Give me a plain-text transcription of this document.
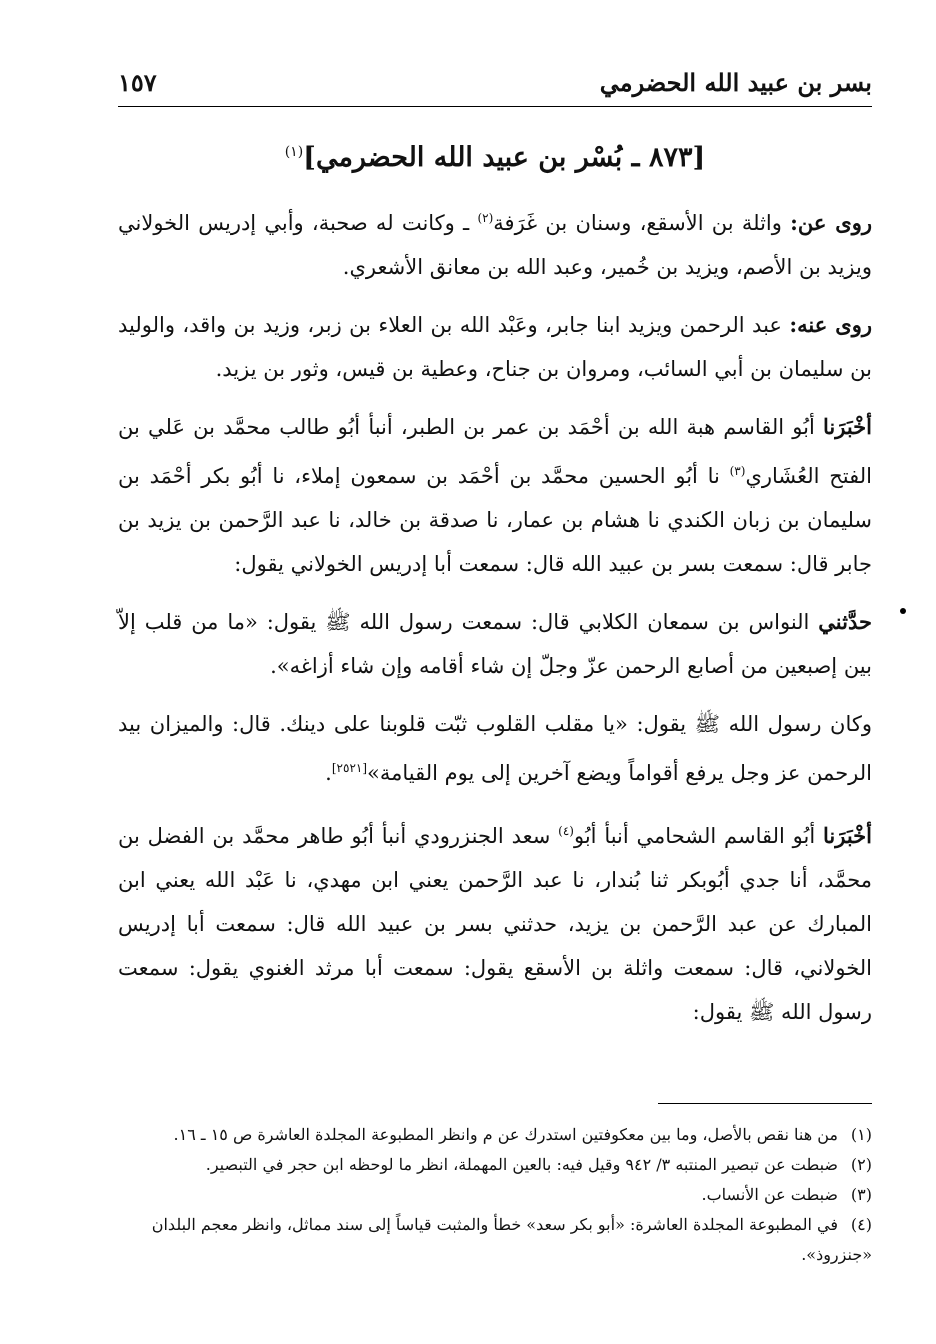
بسر بن عبيد الله الحضرمي
١٥٧
[٨٧٣ ـ بُسْر بن عبيد الله الحضرمي]$^{(١)}$

روى عن: واثلة بن الأسقع، وسنان بن غَرَفة$^{(٢)}$ ـ وكانت له صحبة، وأبي إدريس الخولاني ويزيد بن الأصم، ويزيد بن خُمير، وعبد الله بن معانق الأشعري.

روى عنه: عبد الرحمن ويزيد ابنا جابر، وعَبْد الله بن العلاء بن زبر، وزيد بن واقد، والوليد بن سليمان بن أبي السائب، ومروان بن جناح، وعطية بن قيس، وثور بن يزيد.

أخْبَرَنا أبُو القاسم هبة الله بن أحْمَد بن عمر بن الطبر، أنبأ أبُو طالب محمَّد بن عَلي بن الفتح العُشَاري$^{(٣)}$ نا أبُو الحسين محمَّد بن أحْمَد بن سمعون إملاء، نا أبُو بكر أحْمَد بن سليمان بن زبان الكندي نا هشام بن عمار، نا صدقة بن خالد، نا عبد الرَّحمن بن يزيد بن جابر قال: سمعت بسر بن عبيد الله قال: سمعت أبا إدريس الخولاني يقول:

حدَّثني النواس بن سمعان الكلابي قال: سمعت رسول الله ﷺ يقول: «ما من قلب إلاّ بين إصبعين من أصابع الرحمن عزّ وجلّ إن شاء أقامه وإن شاء أزاغه».

وكان رسول الله ﷺ يقول: «يا مقلب القلوب ثبّت قلوبنا على دينك. قال: والميزان بيد الرحمن عز وجل يرفع أقواماً ويضع آخرين إلى يوم القيامة»[٢٥٢١].

أخْبَرَنا أبُو القاسم الشحامي أنبأ أبُو$^{(٤)}$ سعد الجنزرودي أنبأ أبُو طاهر محمَّد بن الفضل بن محمَّد، أنا جدي أبُوبكر ثنا بُندار، نا عبد الرَّحمن يعني ابن مهدي، نا عَبْد الله يعني ابن المبارك عن عبد الرَّحمن بن يزيد، حدثني بسر بن عبيد الله قال: سمعت أبا إدريس الخولاني، قال: سمعت واثلة بن الأسقع يقول: سمعت أبا مرثد الغنوي يقول: سمعت رسول الله ﷺ يقول:

(١)من هنا نقص بالأصل، وما بين معكوفتين استدرك عن م وانظر المطبوعة المجلدة العاشرة ص ١٥ ـ ١٦.

(٢)ضبطت عن تبصير المنتبه ٣/ ٩٤٢ وقيل فيه: بالعين المهملة، انظر ما لوحظه ابن حجر في التبصير.

(٣)ضبطت عن الأنساب.

(٤)في المطبوعة المجلدة العاشرة: «أبو بكر سعد» خطأ والمثبت قياساً إلى سند مماثل، وانظر معجم البلدان «جنزروذ».
